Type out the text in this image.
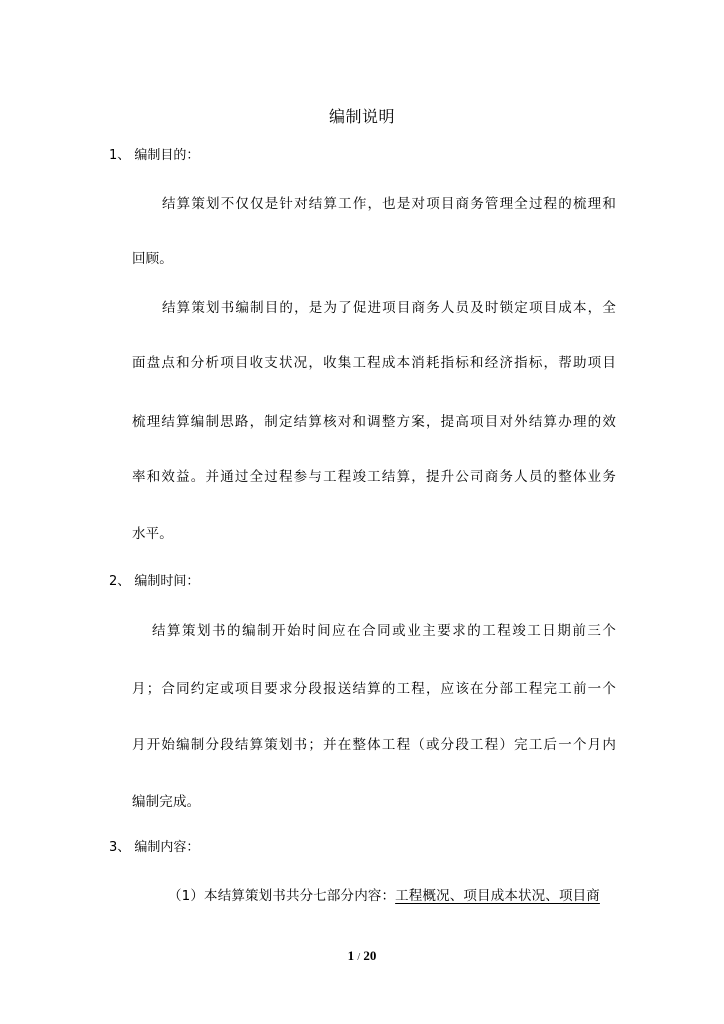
编制说明
1、 编制目的：
结算策划不仅仅是针对结算工作，也是对项目商务管理全过程的梳理和
回顾。
结算策划书编制目的，是为了促进项目商务人员及时锁定项目成本，全
面盘点和分析项目收支状况，收集工程成本消耗指标和经济指标，帮助项目
梳理结算编制思路，制定结算核对和调整方案，提高项目对外结算办理的效
率和效益。并通过全过程参与工程竣工结算，提升公司商务人员的整体业务
水平。
2、 编制时间：
结算策划书的编制开始时间应在合同或业主要求的工程竣工日期前三个
月；合同约定或项目要求分段报送结算的工程，应该在分部工程完工前一个
月开始编制分段结算策划书；并在整体工程（或分段工程）完工后一个月内
编制完成。
3、 编制内容：
（1）本结算策划书共分七部分内容：工程概况、项目成本状况、项目商
1 / 20
